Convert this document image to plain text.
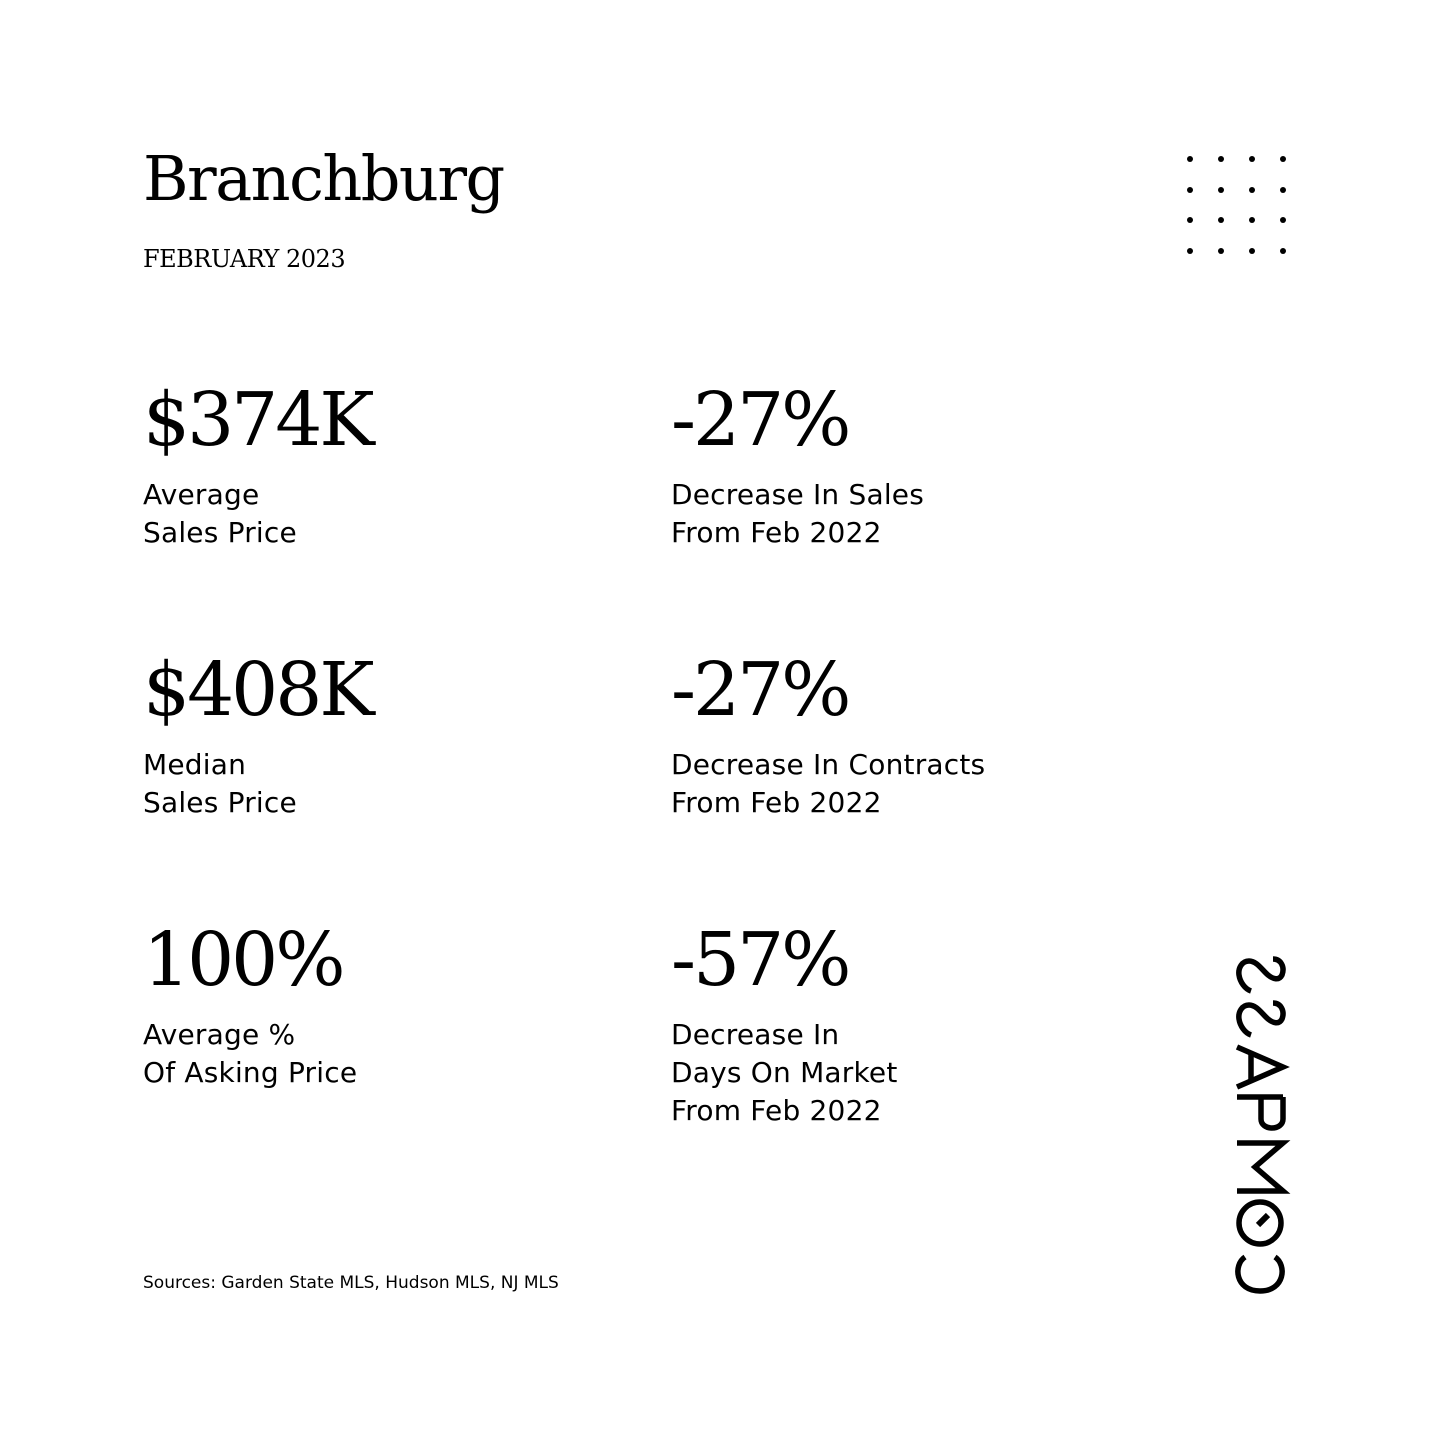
Branchburg
FEBRUARY 2023
$374K
Average
Sales Price
-27%
Decrease In Sales
From Feb 2022
$408K
Median
Sales Price
-27%
Decrease In Contracts
From Feb 2022
100%
Average %
Of Asking Price
-57%
Decrease In
Days On Market
From Feb 2022
Sources: Garden State MLS, Hudson MLS, NJ MLS
